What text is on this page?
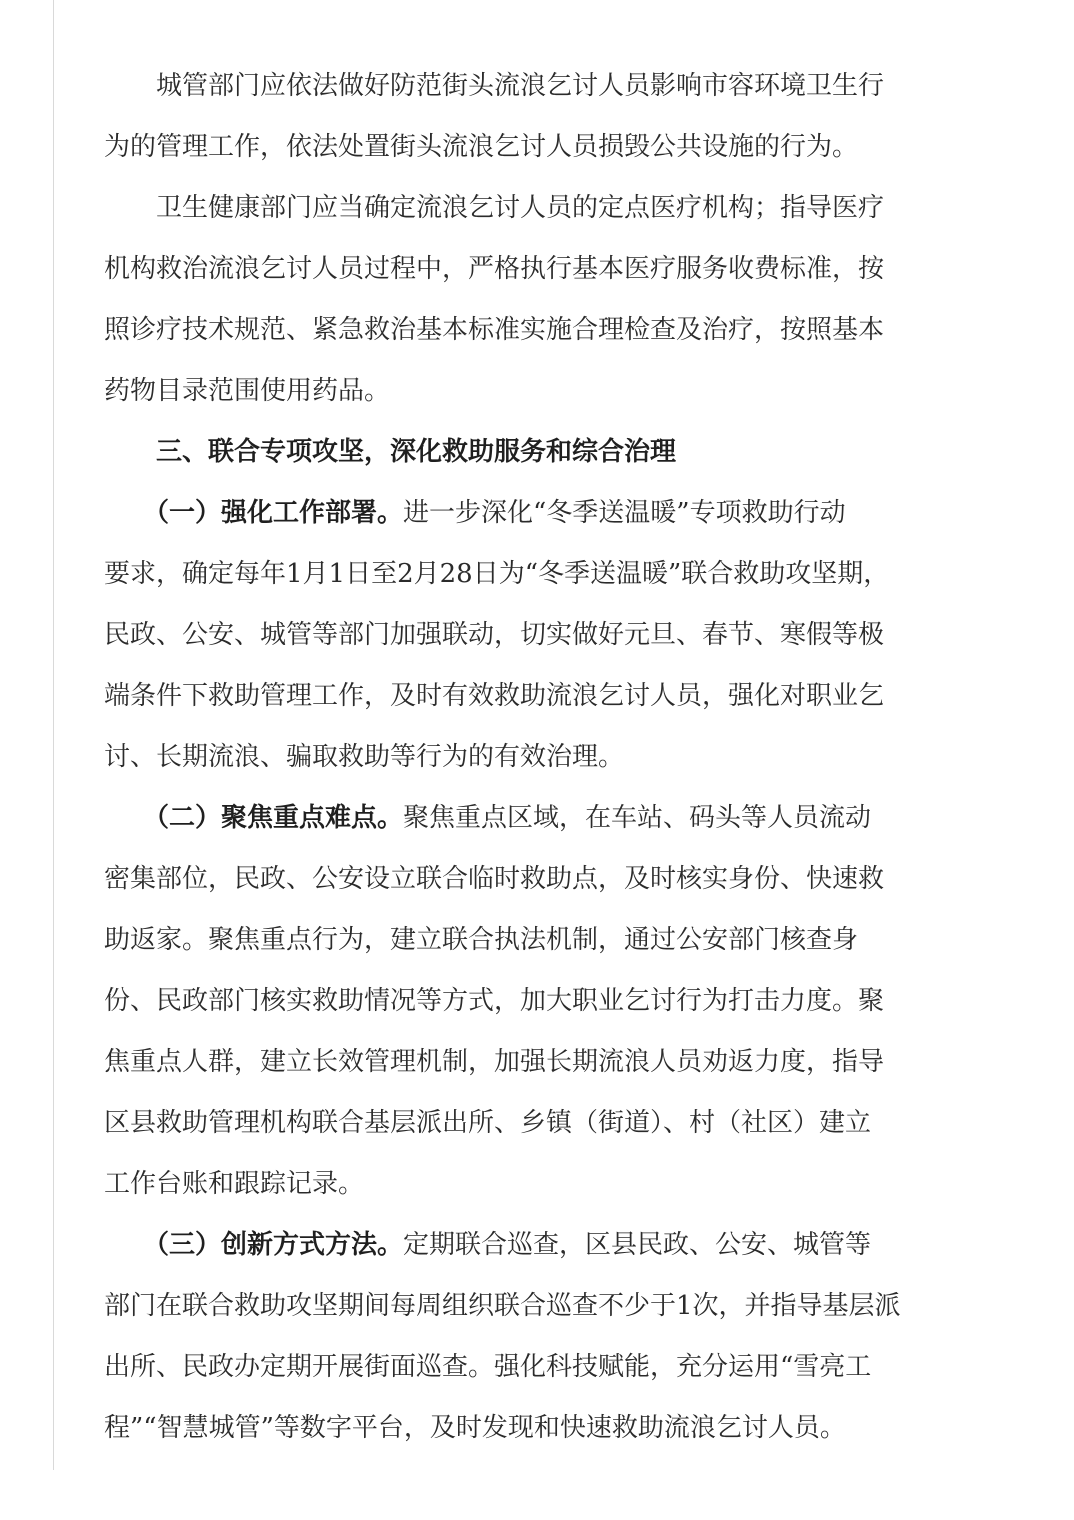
　　城管部门应依法做好防范街头流浪乞讨人员影响市容环境卫生行
为的管理工作，依法处置街头流浪乞讨人员损毁公共设施的行为。
　　卫生健康部门应当确定流浪乞讨人员的定点医疗机构；指导医疗
机构救治流浪乞讨人员过程中，严格执行基本医疗服务收费标准，按
照诊疗技术规范、紧急救治基本标准实施合理检查及治疗，按照基本
药物目录范围使用药品。
　　三、联合专项攻坚，深化救助服务和综合治理
　　（一）强化工作部署。进一步深化“冬季送温暖”专项救助行动
要求，确定每年1月1日至2月28日为“冬季送温暖”联合救助攻坚期，
民政、公安、城管等部门加强联动，切实做好元旦、春节、寒假等极
端条件下救助管理工作，及时有效救助流浪乞讨人员，强化对职业乞
讨、长期流浪、骗取救助等行为的有效治理。
　　（二）聚焦重点难点。聚焦重点区域，在车站、码头等人员流动
密集部位，民政、公安设立联合临时救助点，及时核实身份、快速救
助返家。聚焦重点行为，建立联合执法机制，通过公安部门核查身
份、民政部门核实救助情况等方式，加大职业乞讨行为打击力度。聚
焦重点人群，建立长效管理机制，加强长期流浪人员劝返力度，指导
区县救助管理机构联合基层派出所、乡镇（街道）、村（社区）建立
工作台账和跟踪记录。
　　（三）创新方式方法。定期联合巡查，区县民政、公安、城管等
部门在联合救助攻坚期间每周组织联合巡查不少于1次，并指导基层派
出所、民政办定期开展街面巡查。强化科技赋能，充分运用“雪亮工
程”“智慧城管”等数字平台，及时发现和快速救助流浪乞讨人员。
